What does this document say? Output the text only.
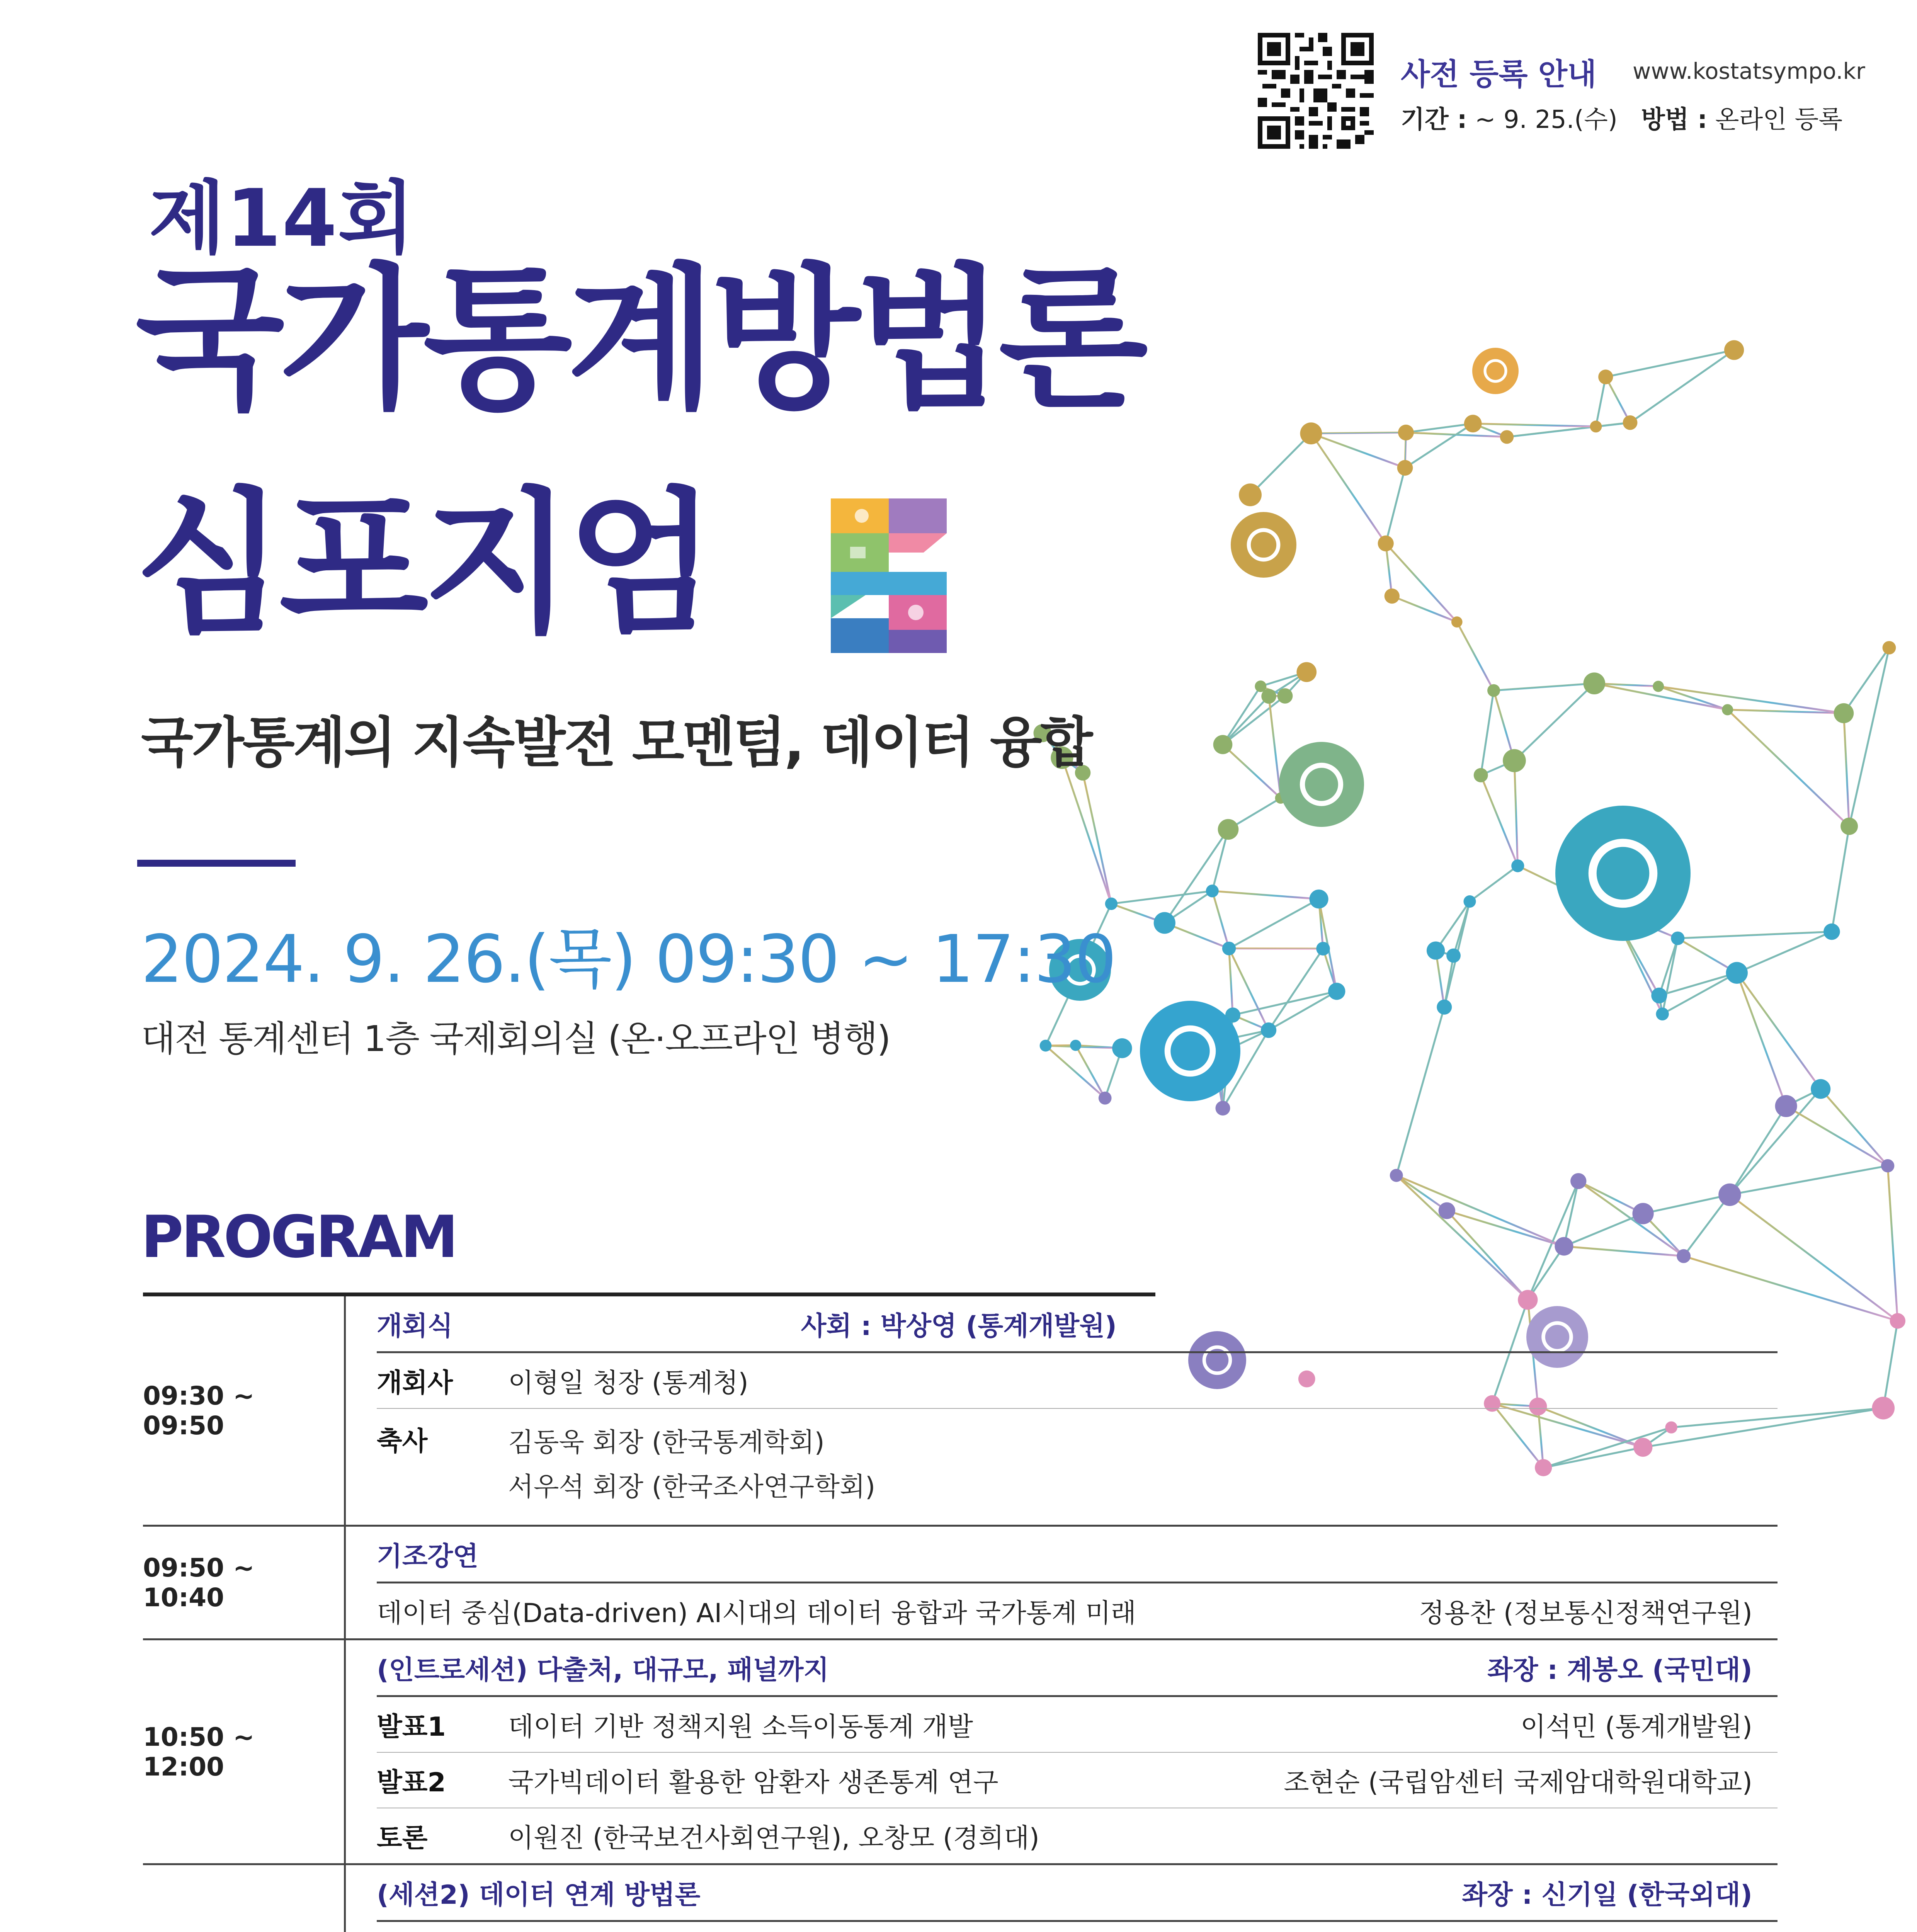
사전 등록 안내 www.kostatsympo.kr
기간 : ~ 9. 25.(수) 방법 : 온라인 등록
제14회
국가통계방법론
심포지엄
국가통계의 지속발전 모멘텀, 데이터 융합
2024. 9. 26.(목) 09:30 ~ 17:30
대전 통계센터 1층 국제회의실 (온·오프라인 병행)
PROGRAM
09:30 ~ 09:50
개회식	사회 : 박상영 (통계개발원)
개회사	이형일 청장 (통계청)
축사	김동욱 회장 (한국통계학회)
서우석 회장 (한국조사연구학회)
09:50 ~ 10:40
기조강연
데이터 중심(Data-driven) AI시대의 데이터 융합과 국가통계 미래	정용찬 (정보통신정책연구원)
10:50 ~ 12:00
(인트로세션) 다출처, 대규모, 패널까지	좌장 : 계봉오 (국민대)
발표1	데이터 기반 정책지원 소득이동통계 개발	이석민 (통계개발원)
발표2	국가빅데이터 활용한 암환자 생존통계 연구	조현순 (국립암센터 국제암대학원대학교)
토론	이원진 (한국보건사회연구원), 오창모 (경희대)
(세션2) 데이터 연계 방법론	좌장 : 신기일 (한국외대)
